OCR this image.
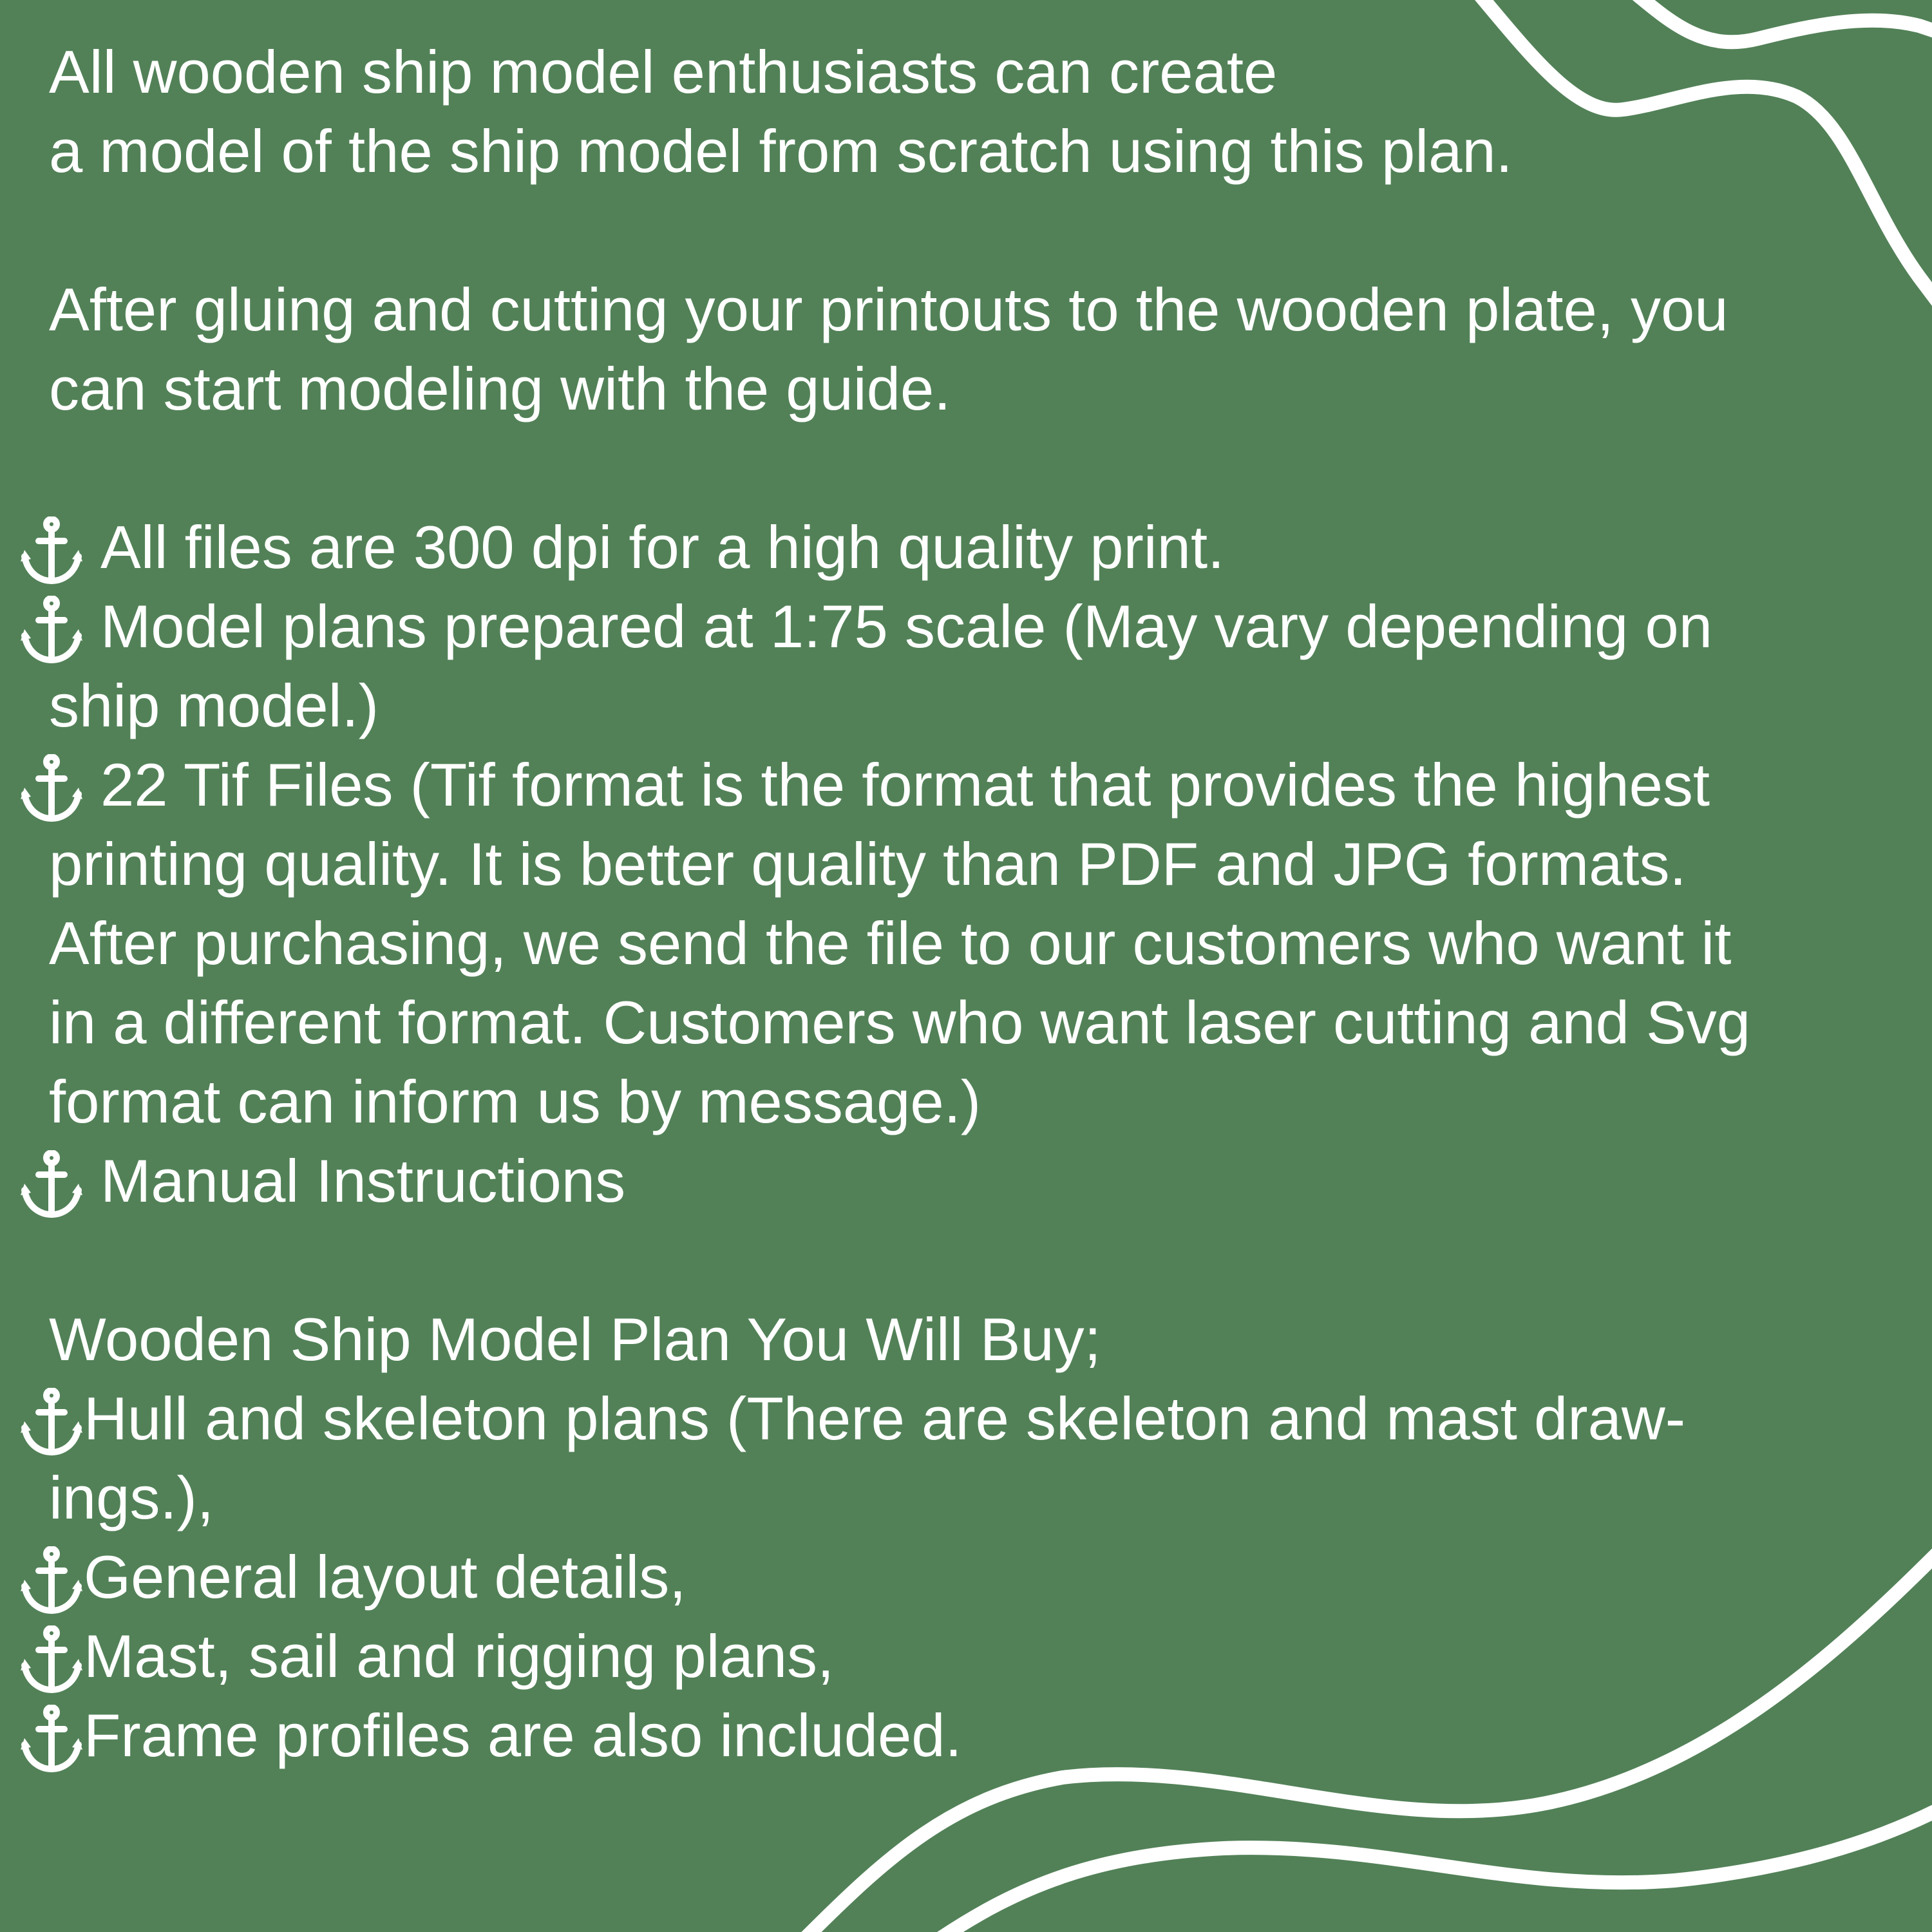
All wooden ship model enthusiasts can create

a model of the ship model from scratch using this plan.

After gluing and cutting your printouts to the wooden plate, you

can start modeling with the guide.

All files are 300 dpi for a high quality print.
Model plans prepared at 1:75 scale (May vary depending on
ship model.)
22 Tif Files (Tif format is the format that provides the highest
printing quality. It is better quality than PDF and JPG formats.
After purchasing, we send the file to our customers who want it
in a different format. Customers who want laser cutting and Svg
format can inform us by message.)
Manual Instructions

Wooden Ship Model Plan You Will Buy;

Hull and skeleton plans (There are skeleton and mast draw-
ings.),
General layout details,
Mast, sail and rigging plans,
Frame profiles are also included.
